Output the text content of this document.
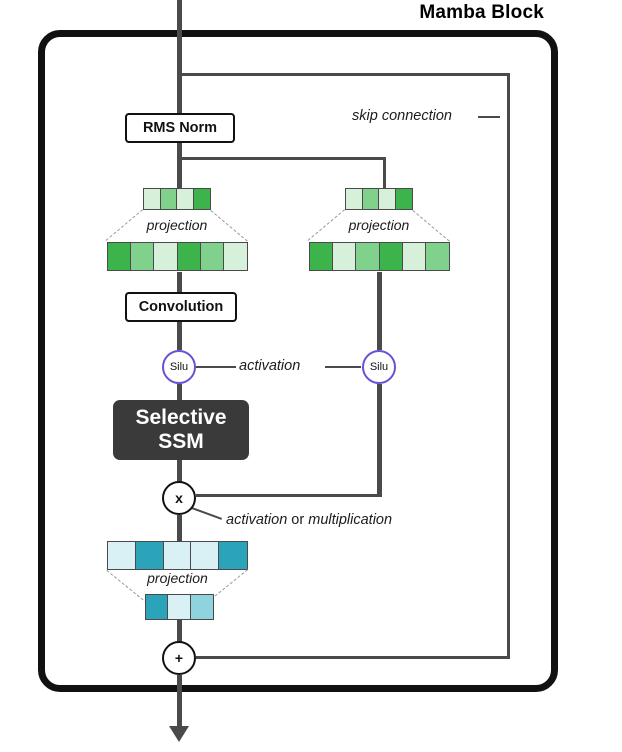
Mamba Block
RMS Norm
Convolution
Selective
SSM
Silu	Silu
x
+
skip connection
activation
activation or multiplication
projection	projection
projection
